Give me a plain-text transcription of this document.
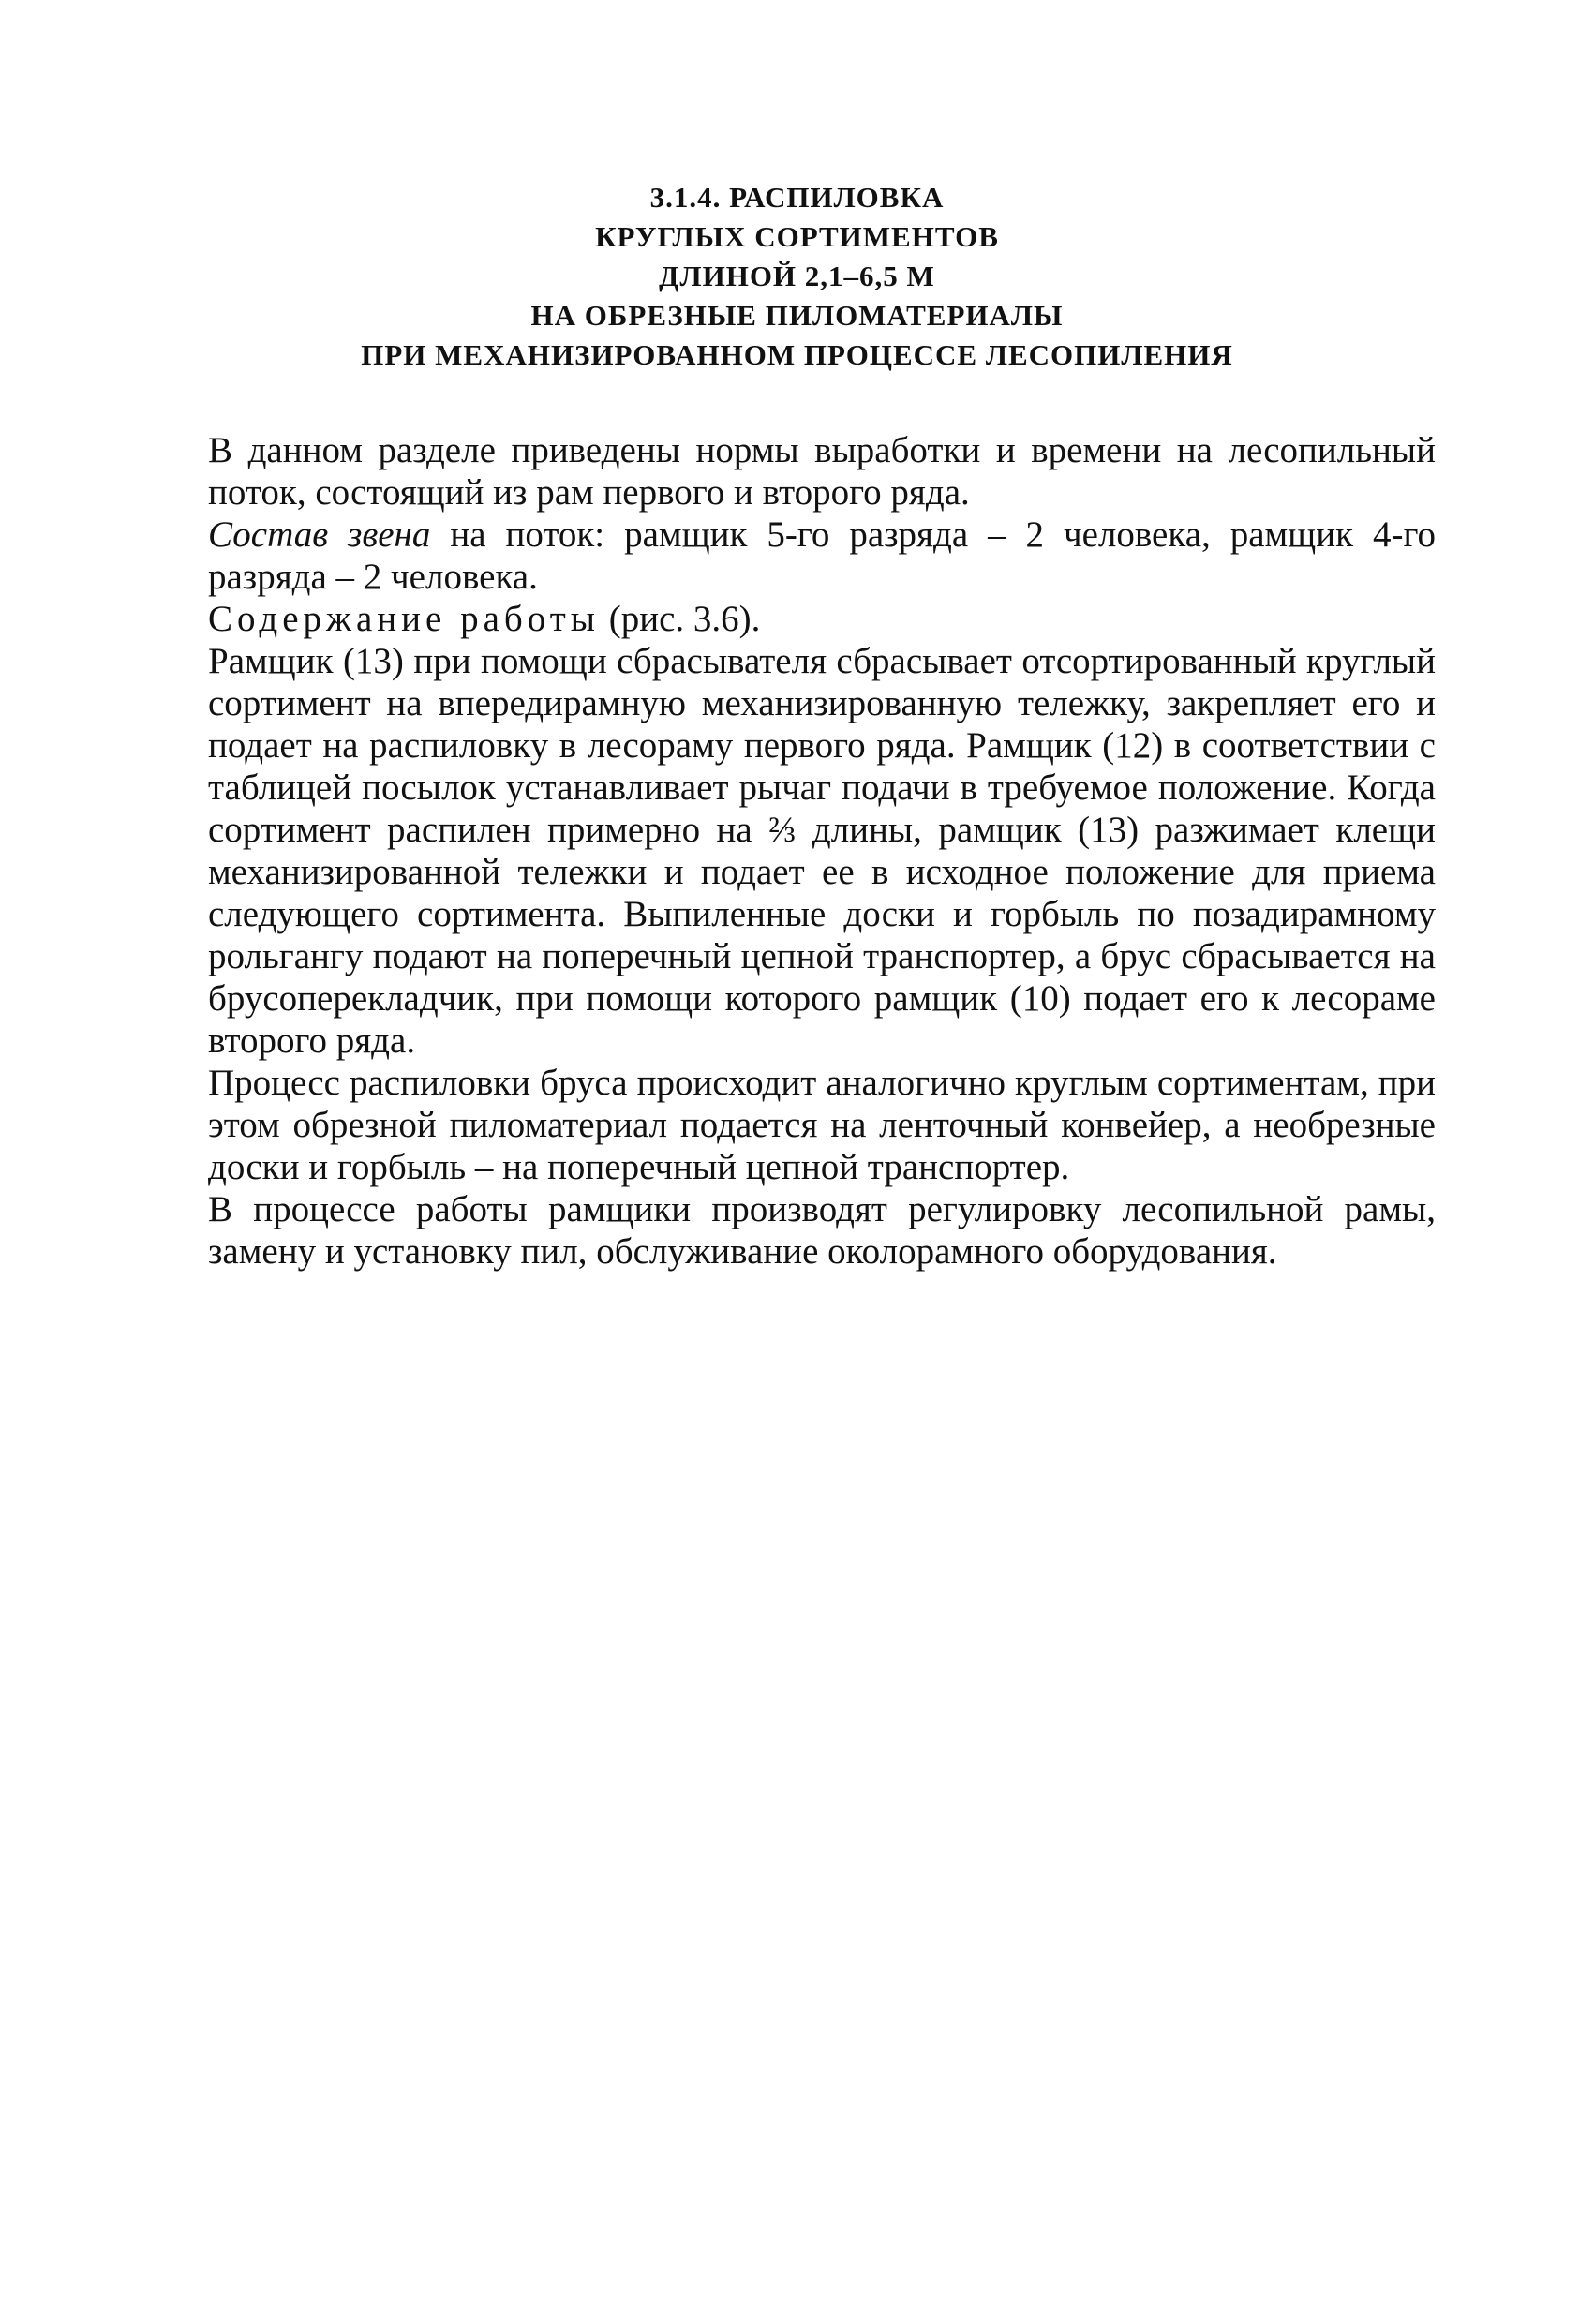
3.1.4. РАСПИЛОВКА
КРУГЛЫХ СОРТИМЕНТОВ
ДЛИНОЙ 2,1–6,5 М
НА ОБРЕЗНЫЕ ПИЛОМАТЕРИАЛЫ
ПРИ МЕХАНИЗИРОВАННОМ ПРОЦЕССЕ ЛЕСОПИЛЕНИЯ

В данном разделе приведены нормы выработки и времени на лесопильный поток, состоящий из рам первого и второго ряда.

Состав звена на поток: рамщик 5-го разряда – 2 человека, рамщик 4-го разряда – 2 человека.

Содержание работы (рис. 3.6).

Рамщик (13) при помощи сбрасывателя сбрасывает отсортированный круглый сортимент на впередирамную механизированную тележку, закрепляет его и подает на распиловку в лесораму первого ряда. Рамщик (12) в соответствии с таблицей посылок устанавливает рычаг подачи в требуемое положение. Когда сортимент распилен примерно на ⅔ длины, рамщик (13) разжимает клещи механизированной тележки и подает ее в исходное положение для приема следующего сортимента. Выпиленные доски и горбыль по позадирамному рольгангу подают на поперечный цепной транспортер, а брус сбрасывается на брусоперекладчик, при помощи которого рамщик (10) подает его к лесораме второго ряда.

Процесс распиловки бруса происходит аналогично круглым сортиментам, при этом обрезной пиломатериал подается на ленточный конвейер, а необрезные доски и горбыль – на поперечный цепной транспортер.

В процессе работы рамщики производят регулировку лесопильной рамы, замену и установку пил, обслуживание околорамного оборудования.
